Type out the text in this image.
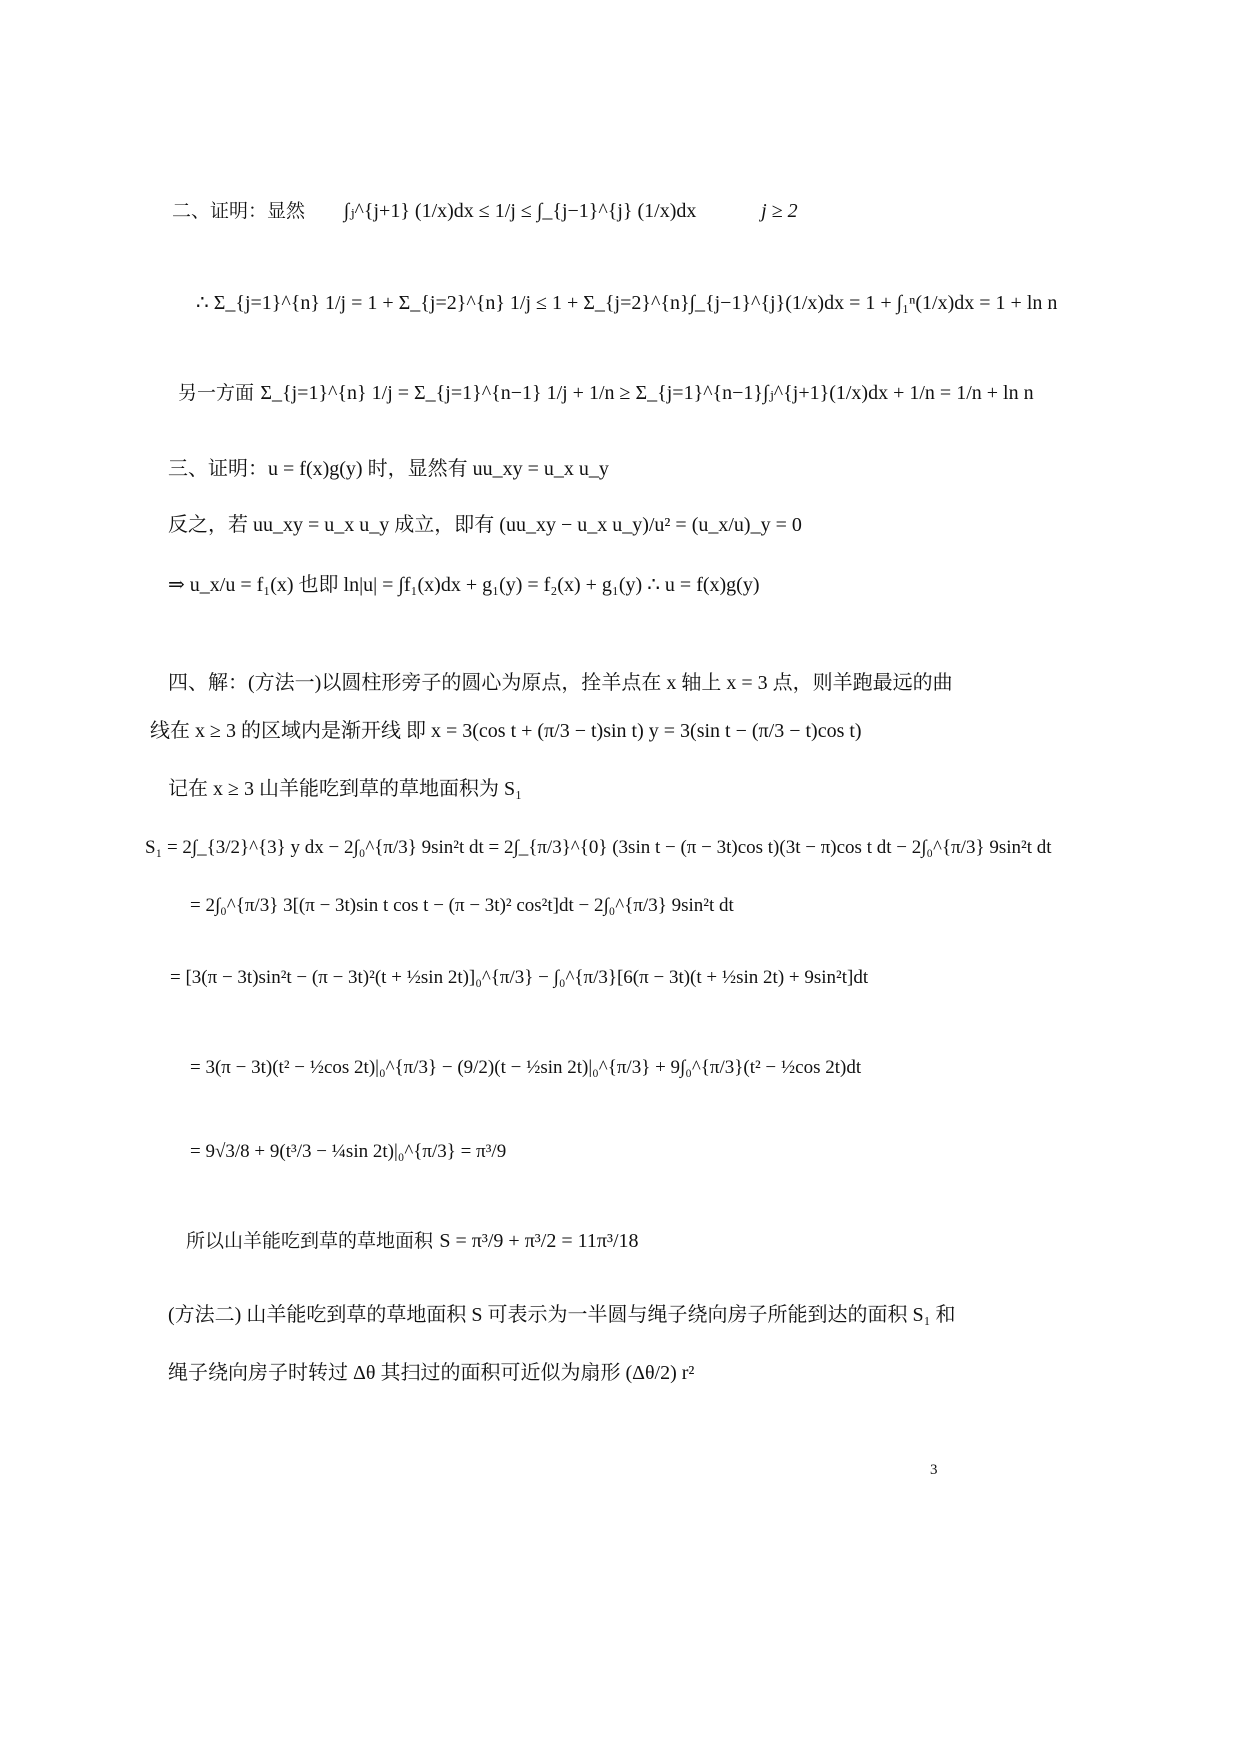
二、证明：显然 ∫ⱼ^{j+1} (1/x)dx ≤ 1/j ≤ ∫_{j−1}^{j} (1/x)dx	j ≥ 2
∴ Σ_{j=1}^{n} 1/j = 1 + Σ_{j=2}^{n} 1/j ≤ 1 + Σ_{j=2}^{n}∫_{j−1}^{j}(1/x)dx = 1 + ∫₁ⁿ(1/x)dx = 1 + ln n
另一方面 Σ_{j=1}^{n} 1/j = Σ_{j=1}^{n−1} 1/j + 1/n ≥ Σ_{j=1}^{n−1}∫ⱼ^{j+1}(1/x)dx + 1/n = 1/n + ln n
三、证明：u = f(x)g(y) 时，显然有 uu_xy = u_x u_y
反之，若 uu_xy = u_x u_y 成立，即有 (uu_xy − u_x u_y)/u² = (u_x/u)_y = 0
⇒ u_x/u = f₁(x) 也即 ln|u| = ∫f₁(x)dx + g₁(y) = f₂(x) + g₁(y) ∴ u = f(x)g(y)
四、解：(方法一)以圆柱形旁子的圆心为原点，拴羊点在 x 轴上 x = 3 点，则羊跑最远的曲
线在 x ≥ 3 的区域内是渐开线 即 x = 3(cos t + (π/3 − t)sin t) y = 3(sin t − (π/3 − t)cos t)
记在 x ≥ 3 山羊能吃到草的草地面积为 S₁
S₁ = 2∫_{3/2}^{3} y dx − 2∫₀^{π/3} 9sin²t dt = 2∫_{π/3}^{0} (3sin t − (π − 3t)cos t)(3t − π)cos t dt − 2∫₀^{π/3} 9sin²t dt
= 2∫₀^{π/3} 3[(π − 3t)sin t cos t − (π − 3t)² cos²t]dt − 2∫₀^{π/3} 9sin²t dt
= [3(π − 3t)sin²t − (π − 3t)²(t + ½sin 2t)]₀^{π/3} − ∫₀^{π/3}[6(π − 3t)(t + ½sin 2t) + 9sin²t]dt
= 3(π − 3t)(t² − ½cos 2t)|₀^{π/3} − (9/2)(t − ½sin 2t)|₀^{π/3} + 9∫₀^{π/3}(t² − ½cos 2t)dt
= 9√3/8 + 9(t³/3 − ¼sin 2t)|₀^{π/3} = π³/9
所以山羊能吃到草的草地面积 S = π³/9 + π³/2 = 11π³/18
(方法二) 山羊能吃到草的草地面积 S 可表示为一半圆与绳子绕向房子所能到达的面积 S₁ 和
绳子绕向房子时转过 Δθ 其扫过的面积可近似为扇形 (Δθ/2) r²
3
